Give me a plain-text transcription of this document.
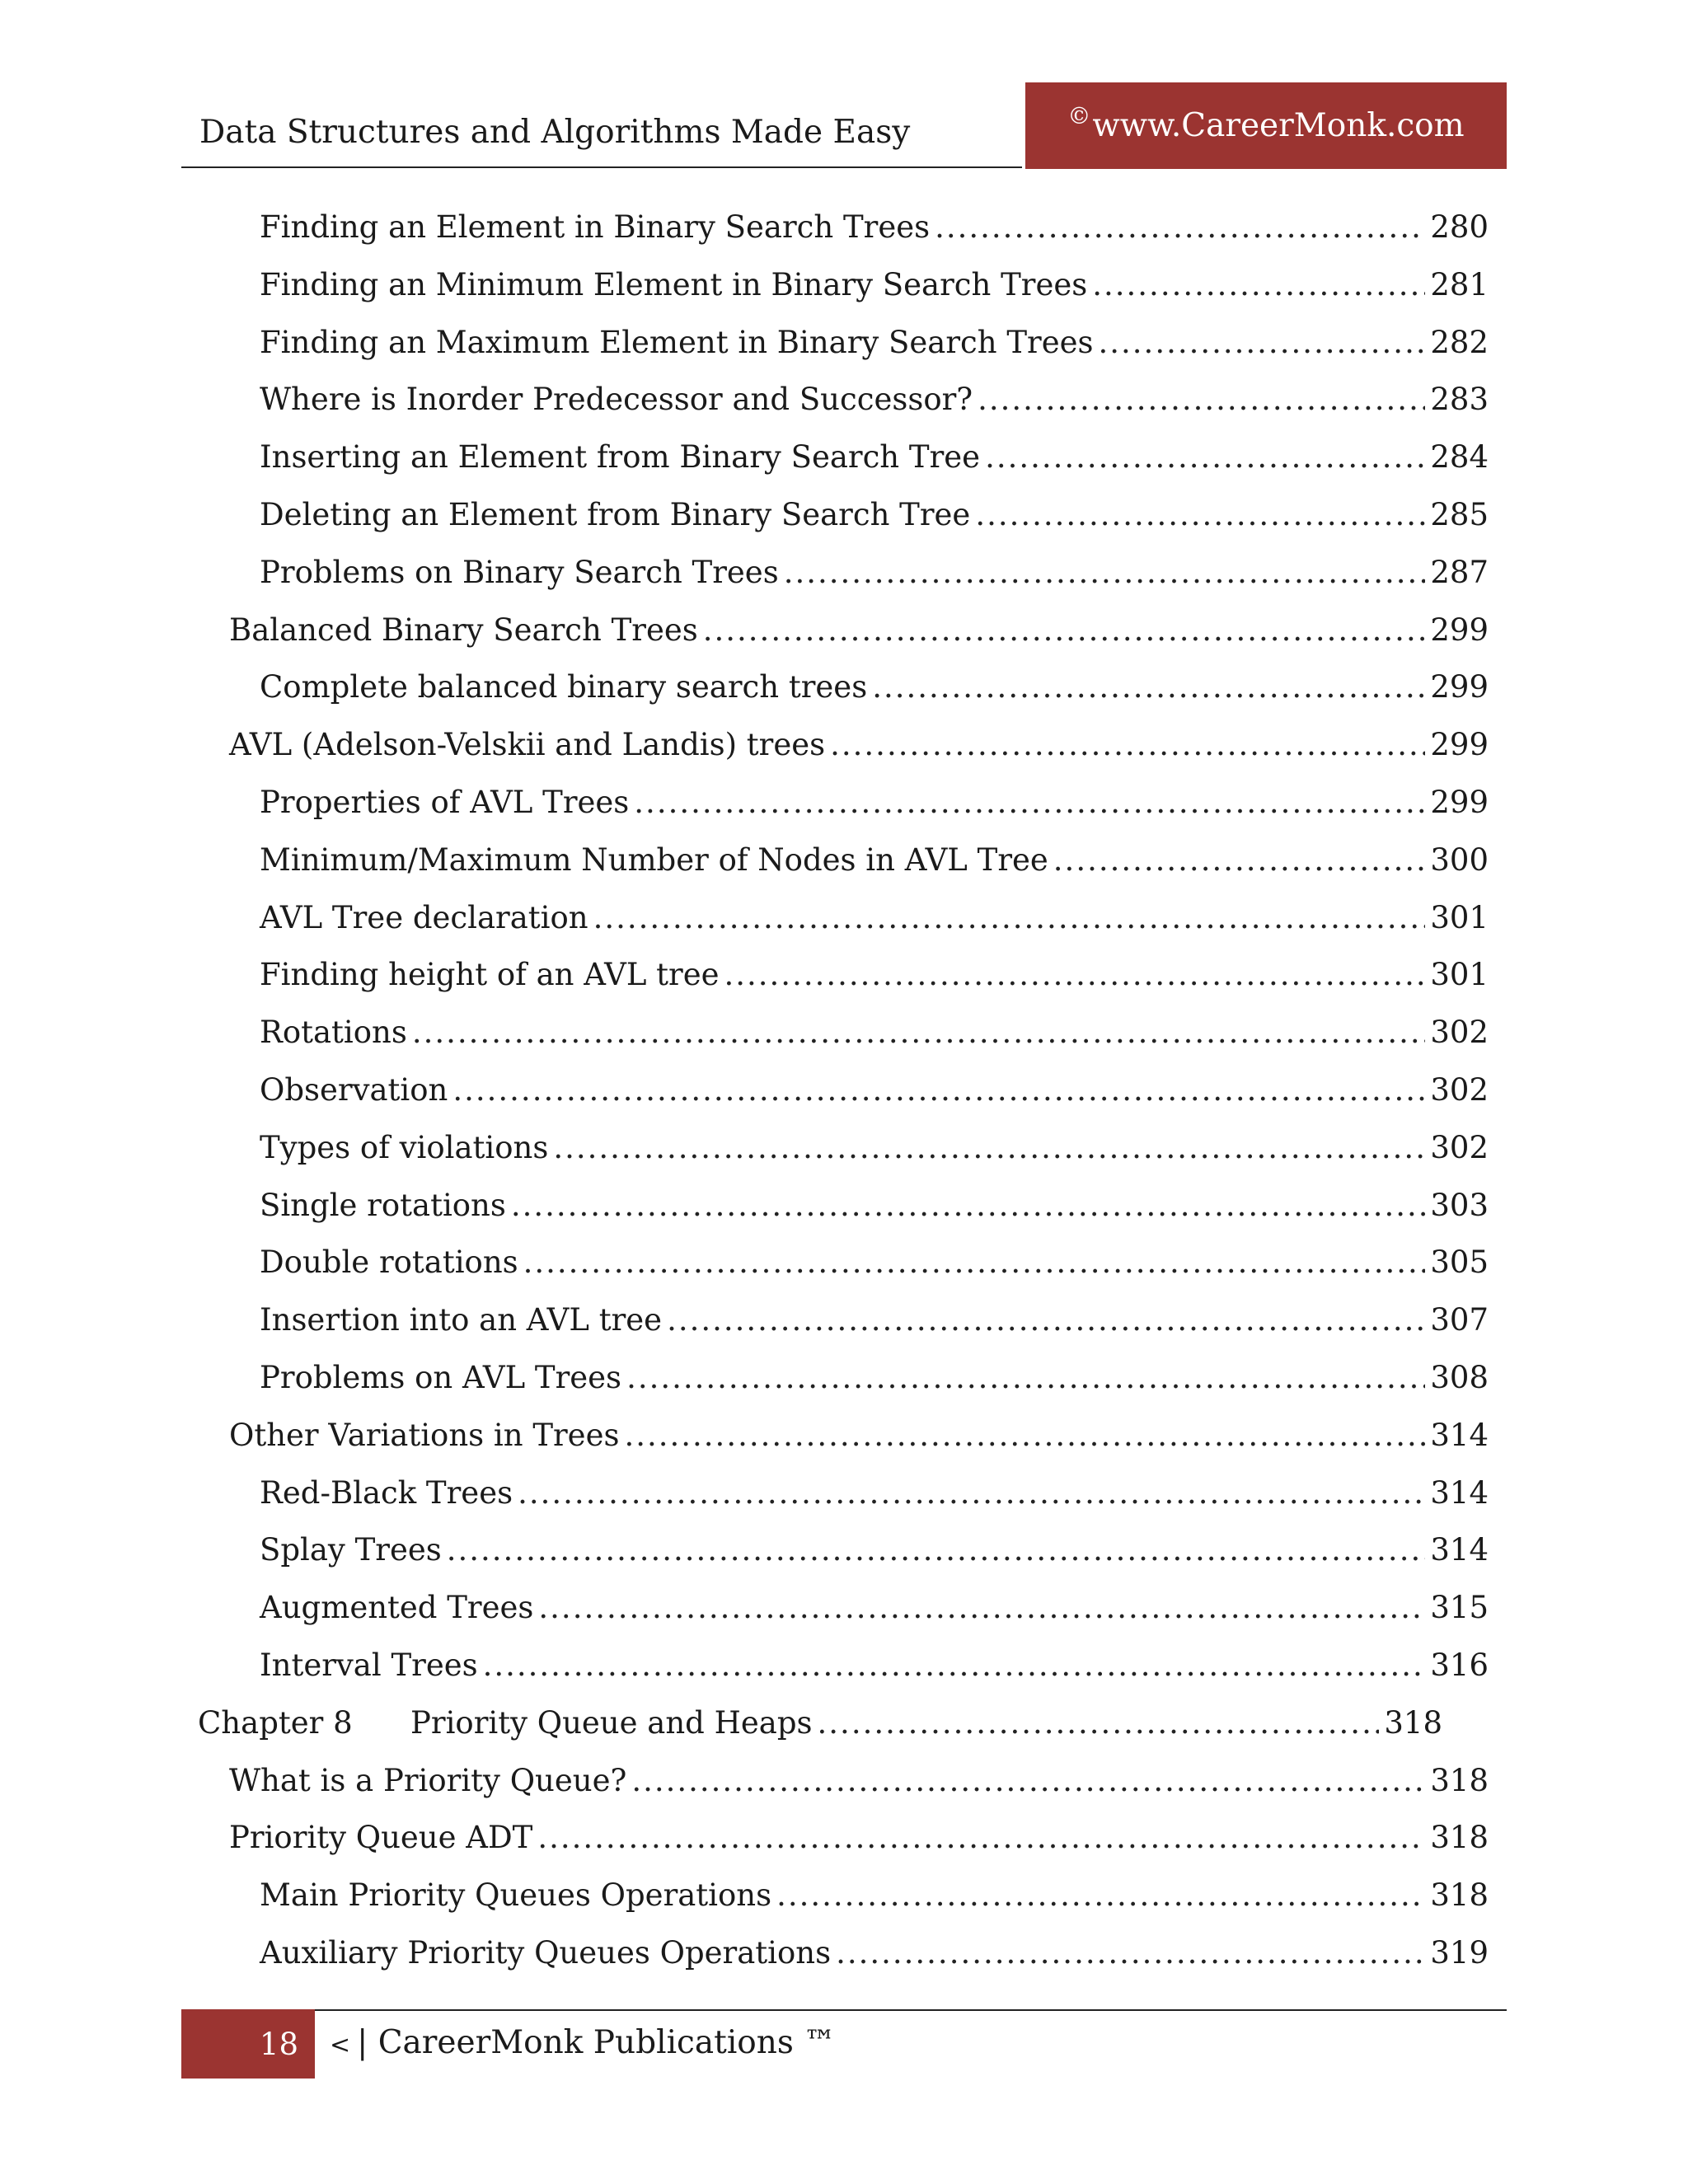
Data Structures and Algorithms Made Easy	© www.CareerMonk.com
Finding an Element in Binary Search Trees .....	280
Finding an Minimum Element in Binary Search Trees .....	281
Finding an Maximum Element in Binary Search Trees .....	282
Where is Inorder Predecessor and Successor? .....	283
Inserting an Element from Binary Search Tree .....	284
Deleting an Element from Binary Search Tree .....	285
Problems on Binary Search Trees .....	287
Balanced Binary Search Trees .....	299
Complete balanced binary search trees .....	299
AVL (Adelson-Velskii and Landis) trees .....	299
Properties of AVL Trees .....	299
Minimum/Maximum Number of Nodes in AVL Tree .....	300
AVL Tree declaration .....	301
Finding height of an AVL tree .....	301
Rotations .....	302
Observation .....	302
Types of violations .....	302
Single rotations .....	303
Double rotations .....	305
Insertion into an AVL tree .....	307
Problems on AVL Trees .....	308
Other Variations in Trees .....	314
Red-Black Trees .....	314
Splay Trees .....	314
Augmented Trees .....	315
Interval Trees .....	316
Chapter 8	Priority Queue and Heaps .....	318
What is a Priority Queue? .....	318
Priority Queue ADT .....	318
Main Priority Queues Operations .....	318
Auxiliary Priority Queues Operations .....	319
18 < | CareerMonk Publications ™
